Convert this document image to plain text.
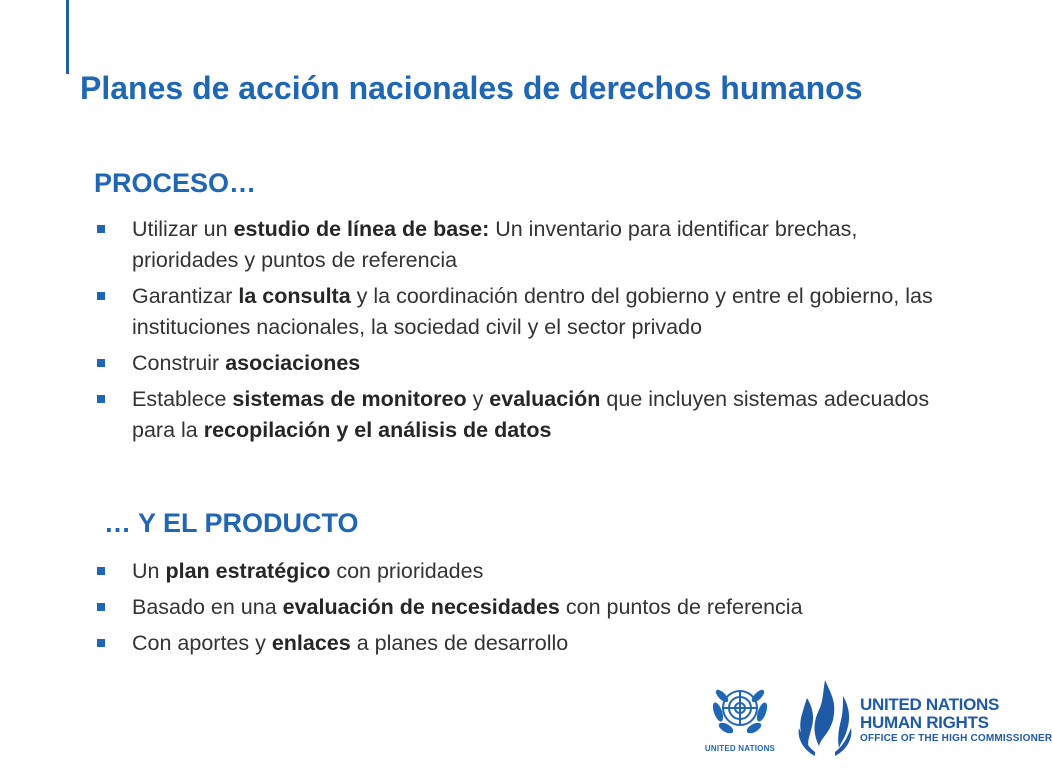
Planes de acción nacionales de derechos humanos
PROCESO…
Utilizar un estudio de línea de base: Un inventario para identificar brechas, prioridades y puntos de referencia
Garantizar la consulta y la coordinación dentro del gobierno y entre el gobierno, las instituciones nacionales, la sociedad civil y el sector privado
Construir asociaciones
Establece sistemas de monitoreo y evaluación que incluyen sistemas adecuados para la recopilación y el análisis de datos
… Y EL PRODUCTO
Un plan estratégico con prioridades
Basado en una evaluación de necesidades con puntos de referencia
Con aportes y enlaces a planes de desarrollo
UNITED NATIONS
UNITED NATIONS
HUMAN RIGHTS
OFFICE OF THE HIGH COMMISSIONER
